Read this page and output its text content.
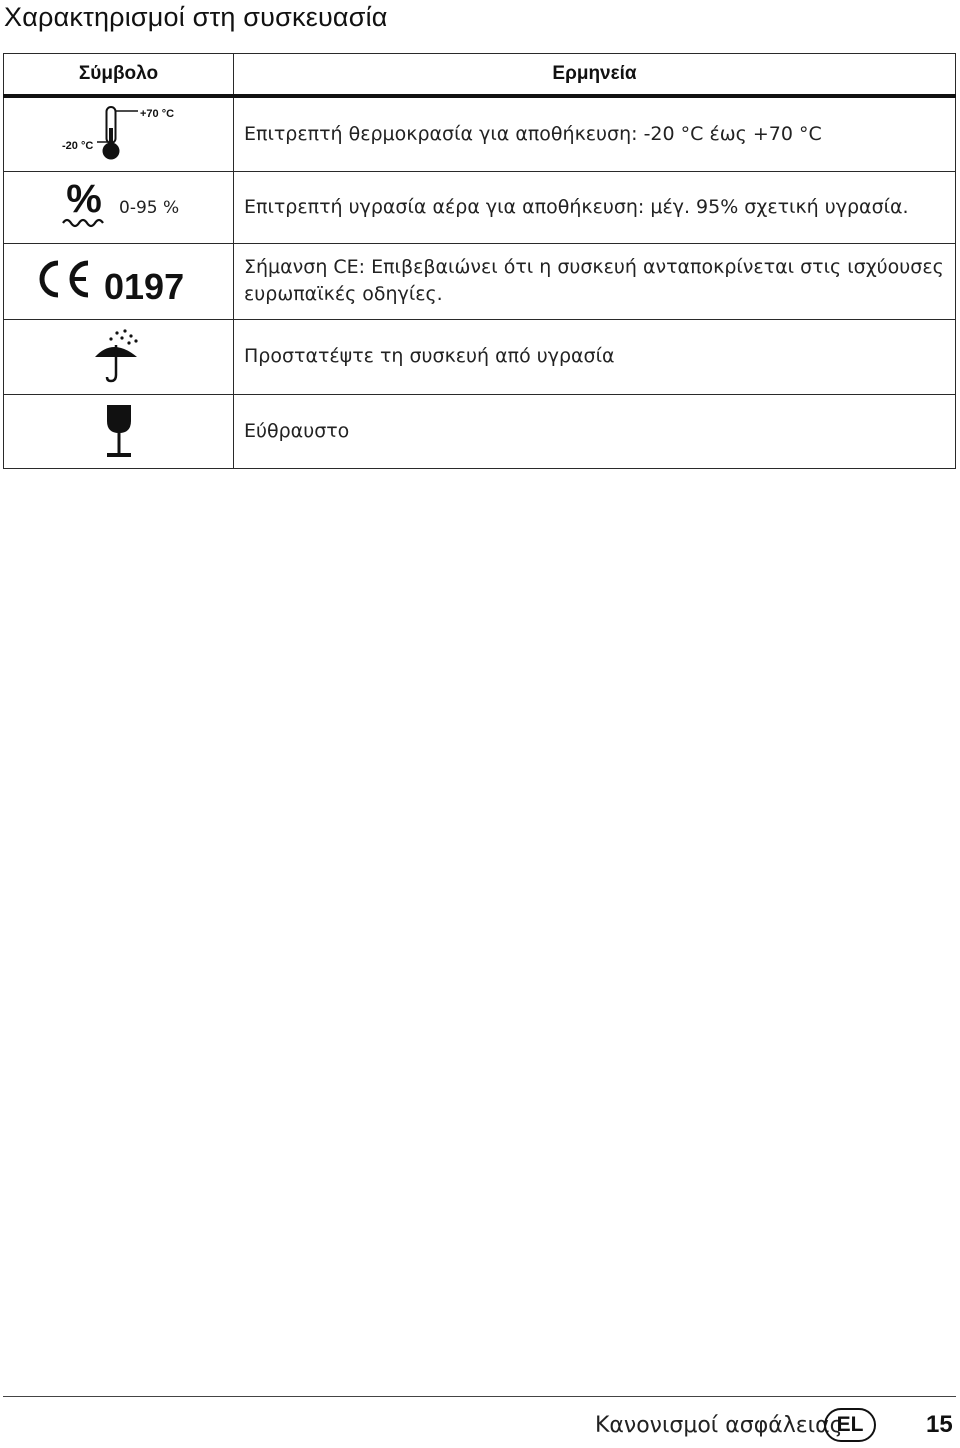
Χαρακτηρισμοί στη συσκευασία
Σύμβολο	Ερμηνεία

+70 °C
-20 °C	Επιτρεπτή θερμοκρασία για αποθήκευση: -20 °C έως +70 °C

% 0-95 %	Επιτρεπτή υγρασία αέρα για αποθήκευση: μέγ. 95% σχετική υγρασία.

0197	Σήμανση CE: Επιβεβαιώνει ότι η συσκευή ανταποκρίνεται στις ισχύουσες ευρωπαϊκές οδηγίες.

	Προστατέψτε τη συσκευή από υγρασία

	Εύθραυστο
Κανονισμοί ασφάλειας
EL	15
